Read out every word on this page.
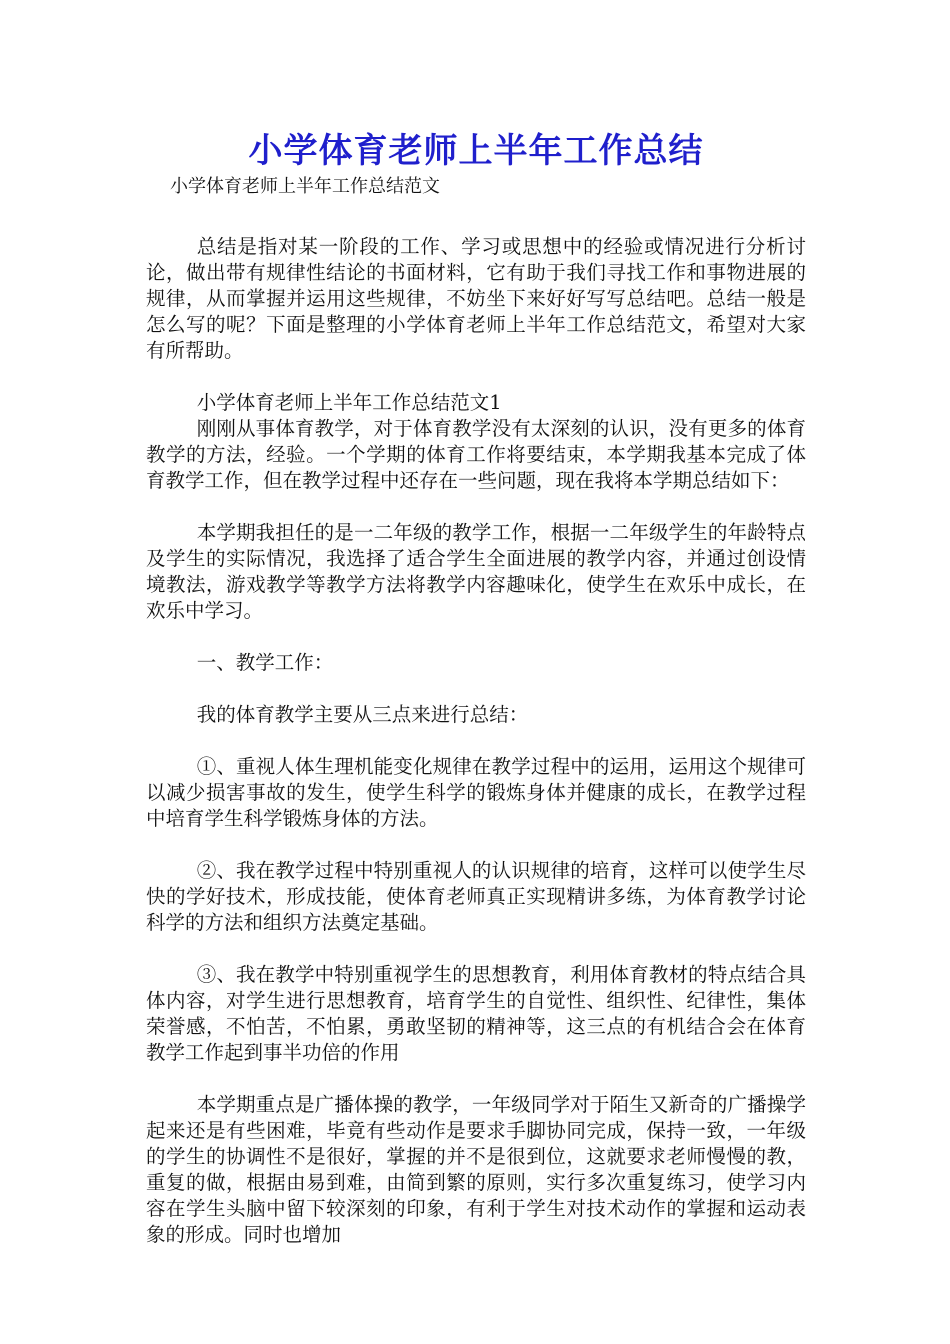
小学体育老师上半年工作总结

小学体育老师上半年工作总结范文

总结是指对某一阶段的工作、学习或思想中的经验或情况进行分析讨论，做出带有规律性结论的书面材料，它有助于我们寻找工作和事物进展的规律，从而掌握并运用这些规律，不妨坐下来好好写写总结吧。总结一般是怎么写的呢？下面是整理的小学体育老师上半年工作总结范文，希望对大家有所帮助。

小学体育老师上半年工作总结范文1

刚刚从事体育教学，对于体育教学没有太深刻的认识，没有更多的体育教学的方法，经验。一个学期的体育工作将要结束，本学期我基本完成了体育教学工作，但在教学过程中还存在一些问题，现在我将本学期总结如下：

本学期我担任的是一二年级的教学工作，根据一二年级学生的年龄特点及学生的实际情况，我选择了适合学生全面进展的教学内容，并通过创设情境教法，游戏教学等教学方法将教学内容趣味化，使学生在欢乐中成长，在欢乐中学习。

一、教学工作：

我的体育教学主要从三点来进行总结：

①、重视人体生理机能变化规律在教学过程中的运用，运用这个规律可以减少损害事故的发生，使学生科学的锻炼身体并健康的成长，在教学过程中培育学生科学锻炼身体的方法。

②、我在教学过程中特别重视人的认识规律的培育，这样可以使学生尽快的学好技术，形成技能，使体育老师真正实现精讲多练，为体育教学讨论科学的方法和组织方法奠定基础。

③、我在教学中特别重视学生的思想教育，利用体育教材的特点结合具体内容，对学生进行思想教育，培育学生的自觉性、组织性、纪律性，集体荣誉感，不怕苦，不怕累，勇敢坚韧的精神等，这三点的有机结合会在体育教学工作起到事半功倍的作用

本学期重点是广播体操的教学，一年级同学对于陌生又新奇的广播操学起来还是有些困难，毕竟有些动作是要求手脚协同完成，保持一致，一年级的学生的协调性不是很好，掌握的并不是很到位，这就要求老师慢慢的教，重复的做，根据由易到难，由简到繁的原则，实行多次重复练习，使学习内容在学生头脑中留下较深刻的印象，有利于学生对技术动作的掌握和运动表象的形成。同时也增加
